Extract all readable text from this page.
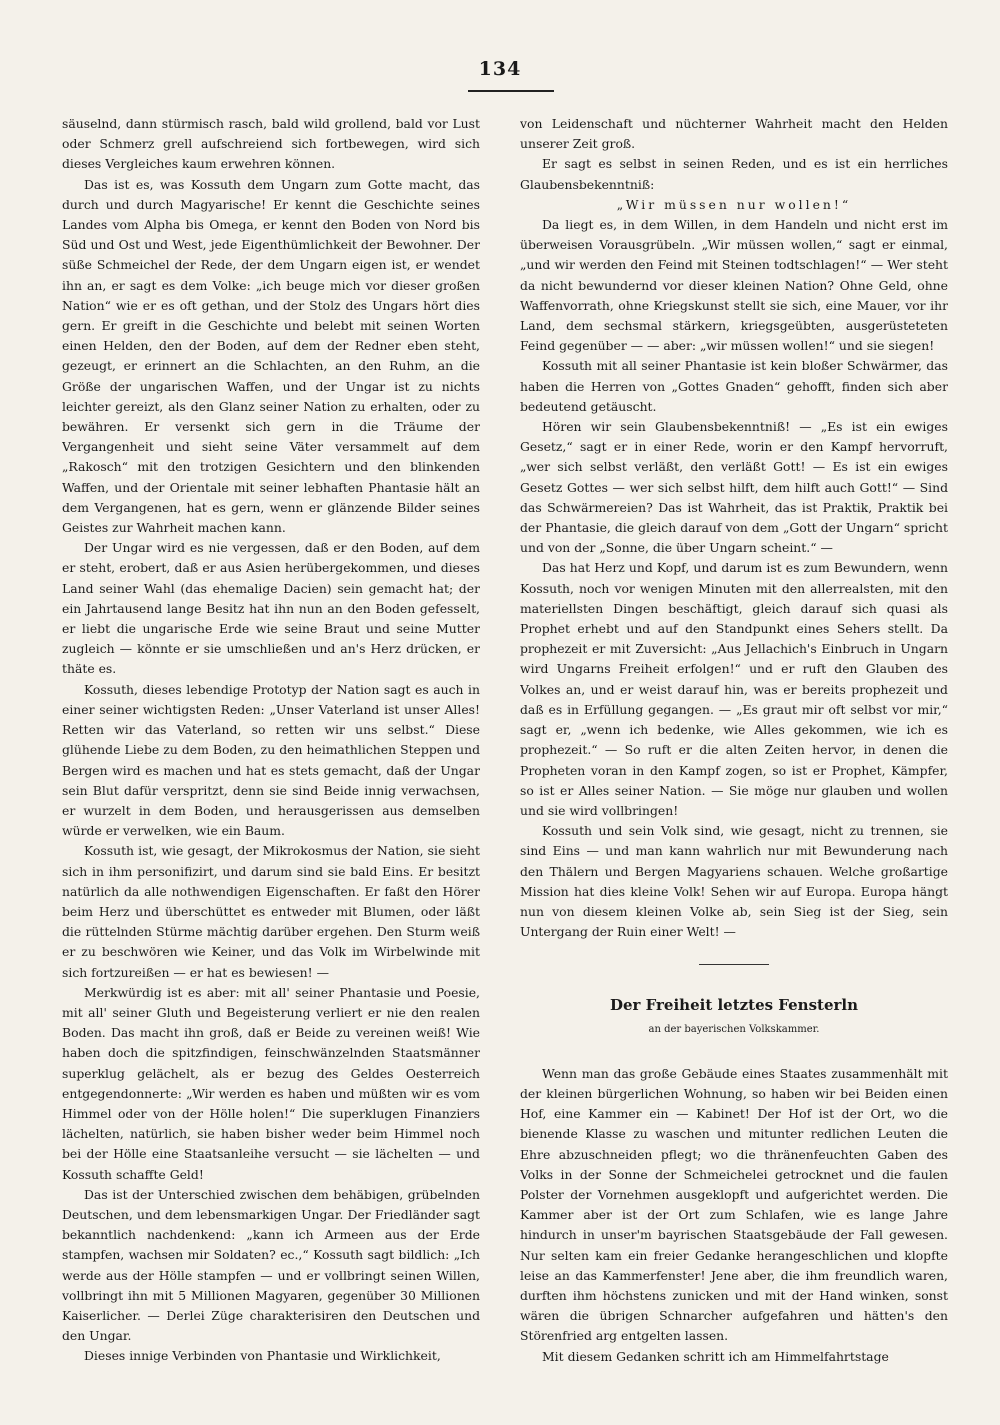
134

säuselnd, dann stürmisch rasch, bald wild grollend, bald vor Lust oder Schmerz grell aufschreiend sich fortbewegen, wird sich dieses Vergleiches kaum erwehren können.

Das ist es, was Kossuth dem Ungarn zum Gotte macht, das durch und durch Magyarische! Er kennt die Geschichte seines Landes vom Alpha bis Omega, er kennt den Boden von Nord bis Süd und Ost und West, jede Eigenthümlichkeit der Bewohner. Der süße Schmeichel der Rede, der dem Ungarn eigen ist, er wendet ihn an, er sagt es dem Volke: „ich beuge mich vor dieser großen Nation“ wie er es oft gethan, und der Stolz des Ungars hört dies gern. Er greift in die Geschichte und belebt mit seinen Worten einen Helden, den der Boden, auf dem der Redner eben steht, gezeugt, er erinnert an die Schlachten, an den Ruhm, an die Größe der ungarischen Waffen, und der Ungar ist zu nichts leichter gereizt, als den Glanz seiner Nation zu erhalten, oder zu bewähren. Er versenkt sich gern in die Träume der Vergangenheit und sieht seine Väter versammelt auf dem „Rakosch“ mit den trotzigen Gesichtern und den blinkenden Waffen, und der Orientale mit seiner lebhaften Phantasie hält an dem Vergangenen, hat es gern, wenn er glänzende Bilder seines Geistes zur Wahrheit machen kann.

Der Ungar wird es nie vergessen, daß er den Boden, auf dem er steht, erobert, daß er aus Asien herübergekommen, und dieses Land seiner Wahl (das ehemalige Dacien) sein gemacht hat; der ein Jahrtausend lange Besitz hat ihn nun an den Boden gefesselt, er liebt die ungarische Erde wie seine Braut und seine Mutter zugleich — könnte er sie umschließen und an's Herz drücken, er thäte es.

Kossuth, dieses lebendige Prototyp der Nation sagt es auch in einer seiner wichtigsten Reden: „Unser Vaterland ist unser Alles! Retten wir das Vaterland, so retten wir uns selbst.“ Diese glühende Liebe zu dem Boden, zu den heimathlichen Steppen und Bergen wird es machen und hat es stets gemacht, daß der Ungar sein Blut dafür verspritzt, denn sie sind Beide innig verwachsen, er wurzelt in dem Boden, und herausgerissen aus demselben würde er verwelken, wie ein Baum.

Kossuth ist, wie gesagt, der Mikrokosmus der Nation, sie sieht sich in ihm personifizirt, und darum sind sie bald Eins. Er besitzt natürlich da alle nothwendigen Eigenschaften. Er faßt den Hörer beim Herz und überschüttet es entweder mit Blumen, oder läßt die rüttelnden Stürme mächtig darüber ergehen. Den Sturm weiß er zu beschwören wie Keiner, und das Volk im Wirbelwinde mit sich fortzureißen — er hat es bewiesen! —

Merkwürdig ist es aber: mit all' seiner Phantasie und Poesie, mit all' seiner Gluth und Begeisterung verliert er nie den realen Boden. Das macht ihn groß, daß er Beide zu vereinen weiß! Wie haben doch die spitzfindigen, feinschwänzelnden Staatsmänner superklug gelächelt, als er bezug des Geldes Oesterreich entgegendonnerte: „Wir werden es haben und müßten wir es vom Himmel oder von der Hölle holen!“ Die superklugen Finanziers lächelten, natürlich, sie haben bisher weder beim Himmel noch bei der Hölle eine Staatsanleihe versucht — sie lächelten — und Kossuth schaffte Geld!

Das ist der Unterschied zwischen dem behäbigen, grübelnden Deutschen, und dem lebensmarkigen Ungar. Der Friedländer sagt bekanntlich nachdenkend: „kann ich Armeen aus der Erde stampfen, wachsen mir Soldaten? ec.,“ Kossuth sagt bildlich: „Ich werde aus der Hölle stampfen — und er vollbringt seinen Willen, vollbringt ihn mit 5 Millionen Magyaren, gegenüber 30 Millionen Kaiserlicher. — Derlei Züge charakterisiren den Deutschen und den Ungar.

Dieses innige Verbinden von Phantasie und Wirklichkeit,

von Leidenschaft und nüchterner Wahrheit macht den Helden unserer Zeit groß.

Er sagt es selbst in seinen Reden, und es ist ein herrliches Glaubensbekenntniß:

„Wir müssen nur wollen!“

Da liegt es, in dem Willen, in dem Handeln und nicht erst im überweisen Vorausgrübeln. „Wir müssen wollen,“ sagt er einmal, „und wir werden den Feind mit Steinen todtschlagen!“ — Wer steht da nicht bewundernd vor dieser kleinen Nation? Ohne Geld, ohne Waffenvorrath, ohne Kriegskunst stellt sie sich, eine Mauer, vor ihr Land, dem sechsmal stärkern, kriegsgeübten, ausgerüsteteten Feind gegenüber — — aber: „wir müssen wollen!“ und sie siegen!

Kossuth mit all seiner Phantasie ist kein bloßer Schwärmer, das haben die Herren von „Gottes Gnaden“ gehofft, finden sich aber bedeutend getäuscht.

Hören wir sein Glaubensbekenntniß! — „Es ist ein ewiges Gesetz,“ sagt er in einer Rede, worin er den Kampf hervorruft, „wer sich selbst verläßt, den verläßt Gott! — Es ist ein ewiges Gesetz Gottes — wer sich selbst hilft, dem hilft auch Gott!“ — Sind das Schwärmereien? Das ist Wahrheit, das ist Praktik, Praktik bei der Phantasie, die gleich darauf von dem „Gott der Ungarn“ spricht und von der „Sonne, die über Ungarn scheint.“ —

Das hat Herz und Kopf, und darum ist es zum Bewundern, wenn Kossuth, noch vor wenigen Minuten mit den allerrealsten, mit den materiellsten Dingen beschäftigt, gleich darauf sich quasi als Prophet erhebt und auf den Standpunkt eines Sehers stellt. Da prophezeit er mit Zuversicht: „Aus Jellachich's Einbruch in Ungarn wird Ungarns Freiheit erfolgen!“ und er ruft den Glauben des Volkes an, und er weist darauf hin, was er bereits prophezeit und daß es in Erfüllung gegangen. — „Es graut mir oft selbst vor mir,“ sagt er, „wenn ich bedenke, wie Alles gekommen, wie ich es prophezeit.“ — So ruft er die alten Zeiten hervor, in denen die Propheten voran in den Kampf zogen, so ist er Prophet, Kämpfer, so ist er Alles seiner Nation. — Sie möge nur glauben und wollen und sie wird vollbringen!

Kossuth und sein Volk sind, wie gesagt, nicht zu trennen, sie sind Eins — und man kann wahrlich nur mit Bewunderung nach den Thälern und Bergen Magyariens schauen. Welche großartige Mission hat dies kleine Volk! Sehen wir auf Europa. Europa hängt nun von diesem kleinen Volke ab, sein Sieg ist der Sieg, sein Untergang der Ruin einer Welt! —

Der Freiheit letztes Fensterln
an der bayerischen Volkskammer.

Wenn man das große Gebäude eines Staates zusammenhält mit der kleinen bürgerlichen Wohnung, so haben wir bei Beiden einen Hof, eine Kammer ein — Kabinet! Der Hof ist der Ort, wo die bienende Klasse zu waschen und mitunter redlichen Leuten die Ehre abzuschneiden pflegt; wo die thränenfeuchten Gaben des Volks in der Sonne der Schmeichelei getrocknet und die faulen Polster der Vornehmen ausgeklopft und aufgerichtet werden. Die Kammer aber ist der Ort zum Schlafen, wie es lange Jahre hindurch in unser'm bayrischen Staatsgebäude der Fall gewesen. Nur selten kam ein freier Gedanke herangeschlichen und klopfte leise an das Kammerfenster! Jene aber, die ihm freundlich waren, durften ihm höchstens zunicken und mit der Hand winken, sonst wären die übrigen Schnarcher aufgefahren und hätten's den Störenfried arg entgelten lassen.

Mit diesem Gedanken schritt ich am Himmelfahrtstage
